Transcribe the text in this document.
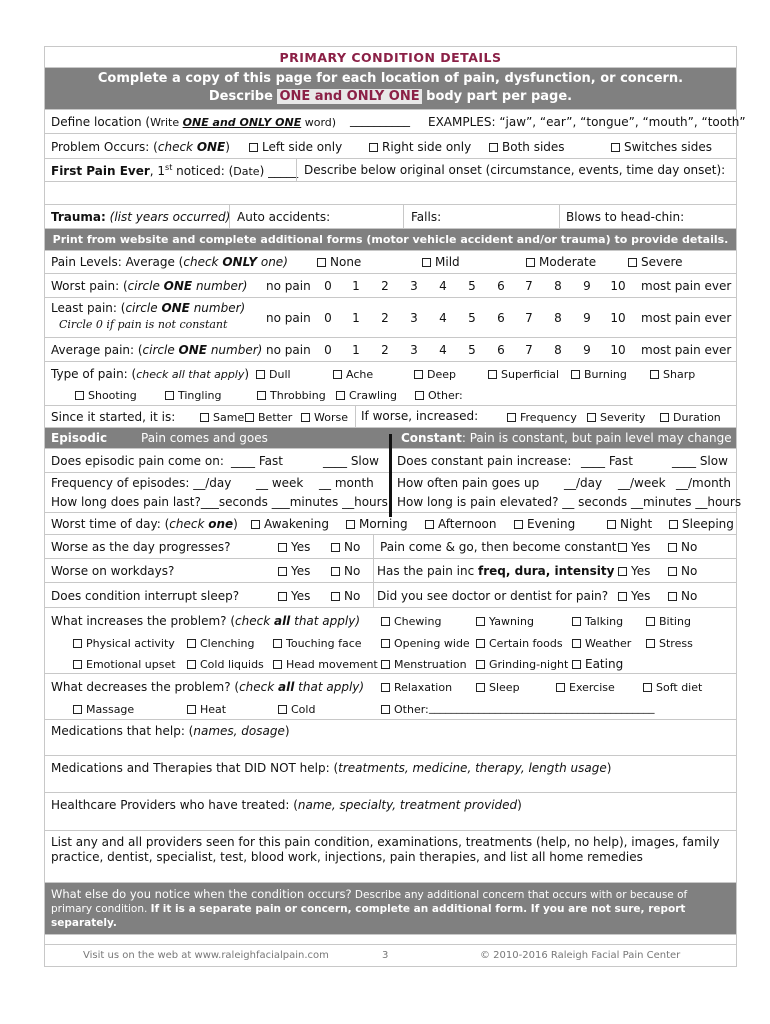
PRIMARY CONDITION DETAILS
Complete a copy of this page for each location of pain, dysfunction, or concern.
Describe ONE and ONLY ONE body part per page.
Define location (Write ONE and ONLY ONE word) __________ EXAMPLES: “jaw”, “ear”, “tongue”, “mouth”, “tooth”
Problem Occurs: (check ONE)	Left side only	Right side only	Both sides	Switches sides
First Pain Ever, 1st noticed: (Date) _____ Describe below original onset (circumstance, events, time day onset):
Trauma: (list years occurred) Auto accidents:	Falls:	Blows to head-chin:
Print from website and complete additional forms (motor vehicle accident and/or trauma) to provide details.
Pain Levels: Average (check ONLY one)	None	Mild	Moderate	Severe
Worst pain: (circle ONE number) no pain	0	1	2	3	4	5	6	7	8	9	10 most pain ever
Least pain: (circle ONE number)
Circle 0 if pain is not constant	no pain	0	1	2	3	4	5	6	7	8	9	10 most pain ever
Average pain: (circle ONE number) no pain	0	1	2	3	4	5	6	7	8	9	10 most pain ever
Type of pain: (check all that apply)	Dull	Ache	Deep	Superficial	Burning	Sharp
Shooting	Tingling	Throbbing	Crawling	Other:
Since it started, it is:	Same	Better	Worse If worse, increased:	Frequency	Severity	Duration
Episodic	Pain comes and goes	Constant: Pain is constant, but pain level may change
Does episodic pain come on: ____ Fast	____ Slow Does constant pain increase: ____ Fast	____ Slow
Frequency of episodes: __/day __ week __ month How often pain goes up __/day __/week __/month
How long does pain last?___seconds ___minutes __hours How long is pain elevated? __ seconds __minutes __hours
Worst time of day: (check one)	Awakening	Morning	Afternoon	Evening	Night	Sleeping
Worse as the day progresses?	Yes	No Pain come & go, then become constant	Yes	No
Worse on workdays?	Yes	No Has the pain inc freq, dura, intensity	Yes	No
Does condition interrupt sleep?	Yes	No Did you see doctor or dentist for pain?	Yes	No
What increases the problem? (check all that apply)	Chewing	Yawning	Talking	Biting
Physical activity	Clenching	Touching face	Opening wide	Certain foods	Weather	Stress
Emotional upset	Cold liquids	Head movement	Menstruation	Grinding-night	Eating
What decreases the problem? (check all that apply)	Relaxation	Sleep	Exercise	Soft diet
Massage	Heat	Cold	Other: _________________________________________
Medications that help: (names, dosage)
Medications and Therapies that DID NOT help: (treatments, medicine, therapy, length usage)
Healthcare Providers who have treated: (name, specialty, treatment provided)
List any and all providers seen for this pain condition, examinations, treatments (help, no help), images, family practice, dentist, specialist, test, blood work, injections, pain therapies, and list all home remedies
What else do you notice when the condition occurs? Describe any additional concern that occurs with or because of primary condition. If it is a separate pain or concern, complete an additional form. If you are not sure, report separately.
Visit us on the web at www.raleighfacialpain.com	3	© 2010-2016 Raleigh Facial Pain Center
